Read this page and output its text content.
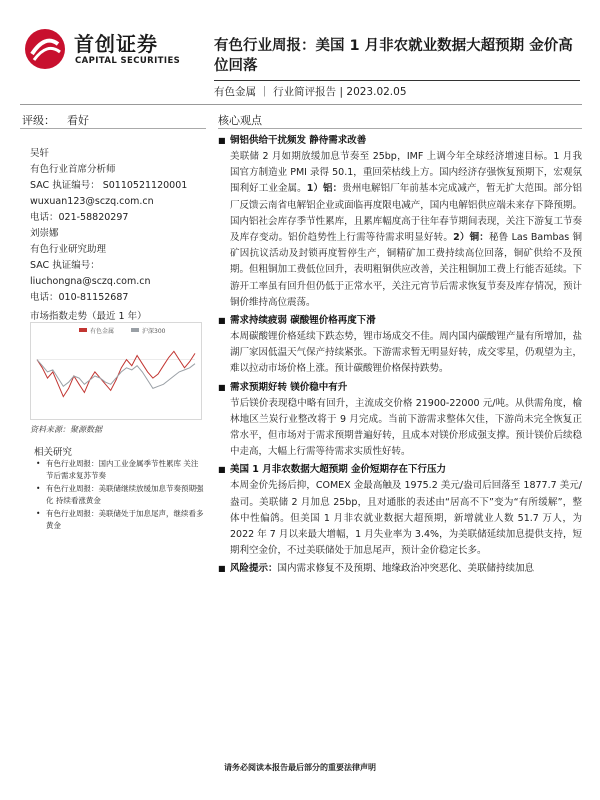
首创证券
CAPITAL SECURITIES
有色行业周报：美国 1 月非农就业数据大超预期 金价高位回落
有色金属 ｜ 行业简评报告 | 2023.02.05
评级： 看好
吴轩
有色行业首席分析师
SAC 执证编号： S0110521120001
wuxuan123@sczq.com.cn
电话：021-58820297
刘崇娜
有色行业研究助理
SAC 执证编号：
liuchongna@sczq.com.cn
电话：010-81152687
市场指数走势（最近 1 年）
有色金属	沪深300
资料来源：聚源数据
相关研究
• 有色行业周报：国内工业金属季节性累库 关注节后需求复苏节奏
• 有色行业周报：美联储继续放缓加息节奏预期强化 持续看涨黄金
• 有色行业周报：美联储处于加息尾声，继续看多黄金
核心观点
■ 铜铝供给干扰频发 静待需求改善
美联储 2 月如期放缓加息节奏至 25bp，IMF 上调今年全球经济增速目标。1 月我国官方制造业 PMI 录得 50.1，重回荣枯线上方。国内经济存强恢复预期下，宏观氛围利好工业金属。1）铝：贵州电解铝厂年前基本完成减产，暂无扩大范围。部分铝厂反馈云南省电解铝企业或面临再度限电减产，国内电解铝供应端未来存下降预期。国内铝社会库存季节性累库，且累库幅度高于往年春节期间表现，关注下游复工节奏及库存变动。铝价趋势性上行需等待需求明显好转。2）铜：秘鲁 Las Bambas 铜矿因抗议活动及封锁再度暂停生产，铜精矿加工费持续高位回落，铜矿供给不及预期。但粗铜加工费低位回升，表明粗铜供应改善，关注粗铜加工费上行能否延续。下游开工率虽有回升但仍低于正常水平，关注元宵节后需求恢复节奏及库存情况，预计铜价维持高位震荡。
■ 需求持续疲弱 碳酸锂价格再度下滑
本周碳酸锂价格延续下跌态势，锂市场成交不佳。周内国内碳酸锂产量有所增加，盐湖厂家因低温天气保产持续紧张。下游需求暂无明显好转，成交零星，仍观望为主，难以拉动市场价格上涨。预计碳酸锂价格保持跌势。
■ 需求预期好转 镁价稳中有升
节后镁价表现稳中略有回升，主流成交价格 21900-22000 元/吨。从供需角度，榆林地区兰炭行业整改将于 9 月完成。当前下游需求整体欠佳，下游尚未完全恢复正常水平，但市场对于需求预期普遍好转，且成本对镁价形成强支撑。预计镁价后续稳中走高，大幅上行需等待需求实质性好转。
■ 美国 1 月非农数据大超预期 金价短期存在下行压力
本周金价先扬后抑，COMEX 金最高触及 1975.2 美元/盎司后回落至 1877.7 美元/盎司。美联储 2 月加息 25bp，且对通胀的表述由“居高不下”变为“有所缓解”，整体中性偏鸽。但美国 1 月非农就业数据大超预期，新增就业人数 51.7 万人，为 2022 年 7 月以来最大增幅，1 月失业率为 3.4%，为美联储延续加息提供支持，短期利空金价，不过美联储处于加息尾声，预计金价稳定长多。
■ 风险提示：国内需求修复不及预期、地缘政治冲突恶化、美联储持续加息
请务必阅读本报告最后部分的重要法律声明
